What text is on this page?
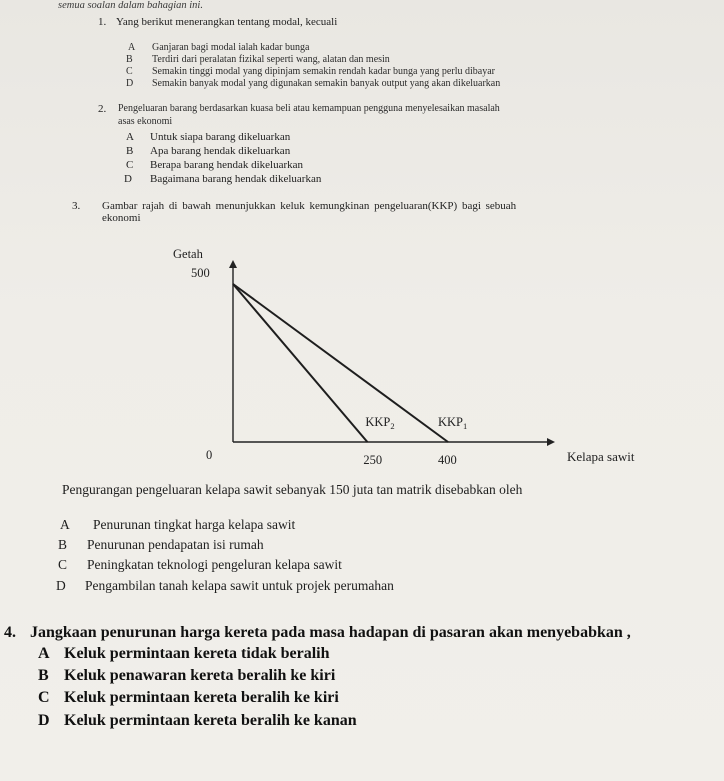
semua soalan dalam bahagian ini.
1. Yang berikut menerangkan tentang modal, kecuali
A Ganjaran bagi modal ialah kadar bunga
B Terdiri dari peralatan fizikal seperti wang, alatan dan mesin
C Semakin tinggi modal yang dipinjam semakin rendah kadar bunga yang perlu dibayar
D Semakin banyak modal yang digunakan semakin banyak output yang akan dikeluarkan
2. Pengeluaran barang berdasarkan kuasa beli atau kemampuan pengguna menyelesaikan masalah
asas ekonomi
A Untuk siapa barang dikeluarkan
B Apa barang hendak dikeluarkan
C Berapa barang hendak dikeluarkan
D Bagaimana barang hendak dikeluarkan
3. Gambar rajah di bawah menunjukkan keluk kemungkinan pengeluaran(KKP) bagi sebuah
ekonomi
Getah
Kelapa sawit
0
500
250	400
$KKP_2$	$KKP_1$
Pengurangan pengeluaran kelapa sawit sebanyak 150 juta tan matrik disebabkan oleh
A Penurunan tingkat harga kelapa sawit
B Penurunan pendapatan isi rumah
C Peningkatan teknologi pengeluran kelapa sawit
D Pengambilan tanah kelapa sawit untuk projek perumahan
4. Jangkaan penurunan harga kereta pada masa hadapan di pasaran akan menyebabkan ,
A Keluk permintaan kereta tidak beralih
B Keluk penawaran kereta beralih ke kiri
C Keluk permintaan kereta beralih ke kiri
D Keluk permintaan kereta beralih ke kanan
